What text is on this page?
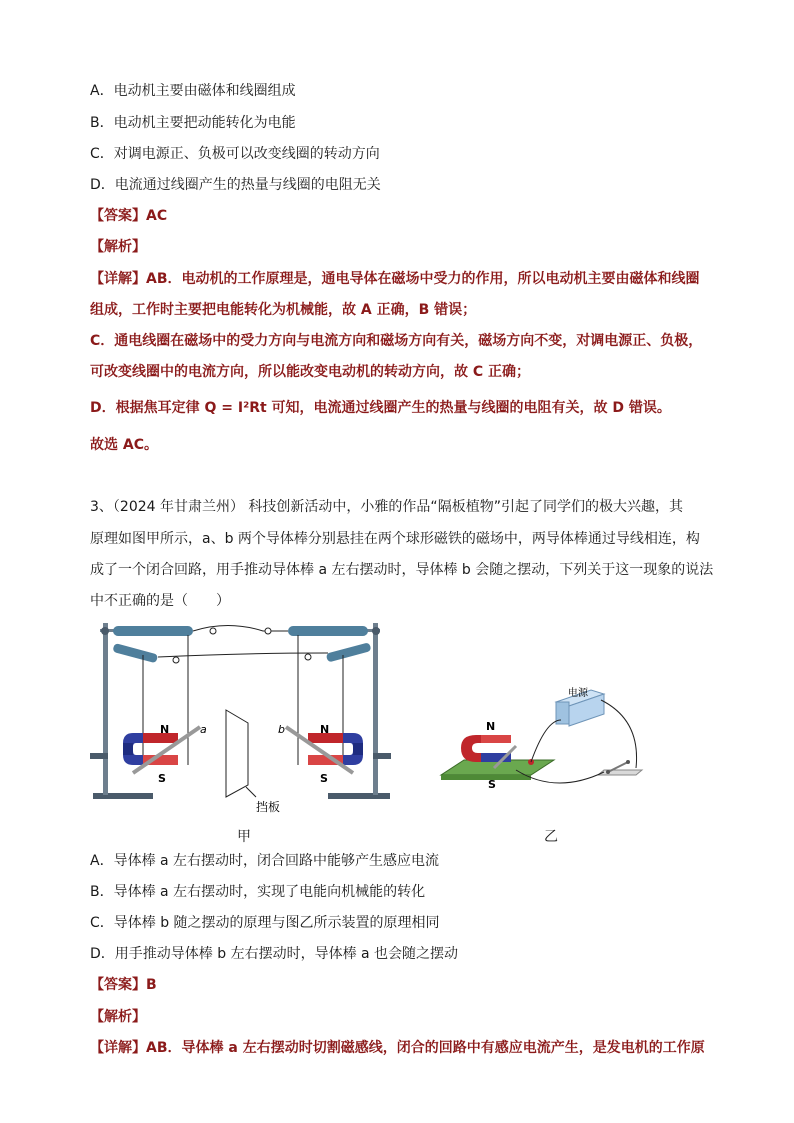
A．电动机主要由磁体和线圈组成
B．电动机主要把动能转化为电能
C．对调电源正、负极可以改变线圈的转动方向
D．电流通过线圈产生的热量与线圈的电阻无关
【答案】AC
【解析】
【详解】AB．电动机的工作原理是，通电导体在磁场中受力的作用，所以电动机主要由磁体和线圈
组成，工作时主要把电能转化为机械能，故 A 正确，B 错误；
C．通电线圈在磁场中的受力方向与电流方向和磁场方向有关，磁场方向不变，对调电源正、负极，
可改变线圈中的电流方向，所以能改变电动机的转动方向，故 C 正确；
D．根据焦耳定律 Q = I²Rt 可知，电流通过线圈产生的热量与线圈的电阻有关，故 D 错误。
故选 AC。
3、（2024 年甘肃兰州） 科技创新活动中，小雅的作品“隔板植物”引起了同学们的极大兴趣，其
原理如图甲所示，a、b 两个导体棒分别悬挂在两个球形磁铁的磁场中，两导体棒通过导线相连，构
成了一个闭合回路，用手推动导体棒 a 左右摆动时，导体棒 b 会随之摆动，下列关于这一现象的说法
中不正确的是（　　）
N
S
a
挡板
N
S
b
甲
N
S
电源
乙
A．导体棒 a 左右摆动时，闭合回路中能够产生感应电流
B．导体棒 a 左右摆动时，实现了电能向机械能的转化
C．导体棒 b 随之摆动的原理与图乙所示装置的原理相同
D．用手推动导体棒 b 左右摆动时，导体棒 a 也会随之摆动
【答案】B
【解析】
【详解】AB．导体棒 a 左右摆动时切割磁感线，闭合的回路中有感应电流产生，是发电机的工作原
